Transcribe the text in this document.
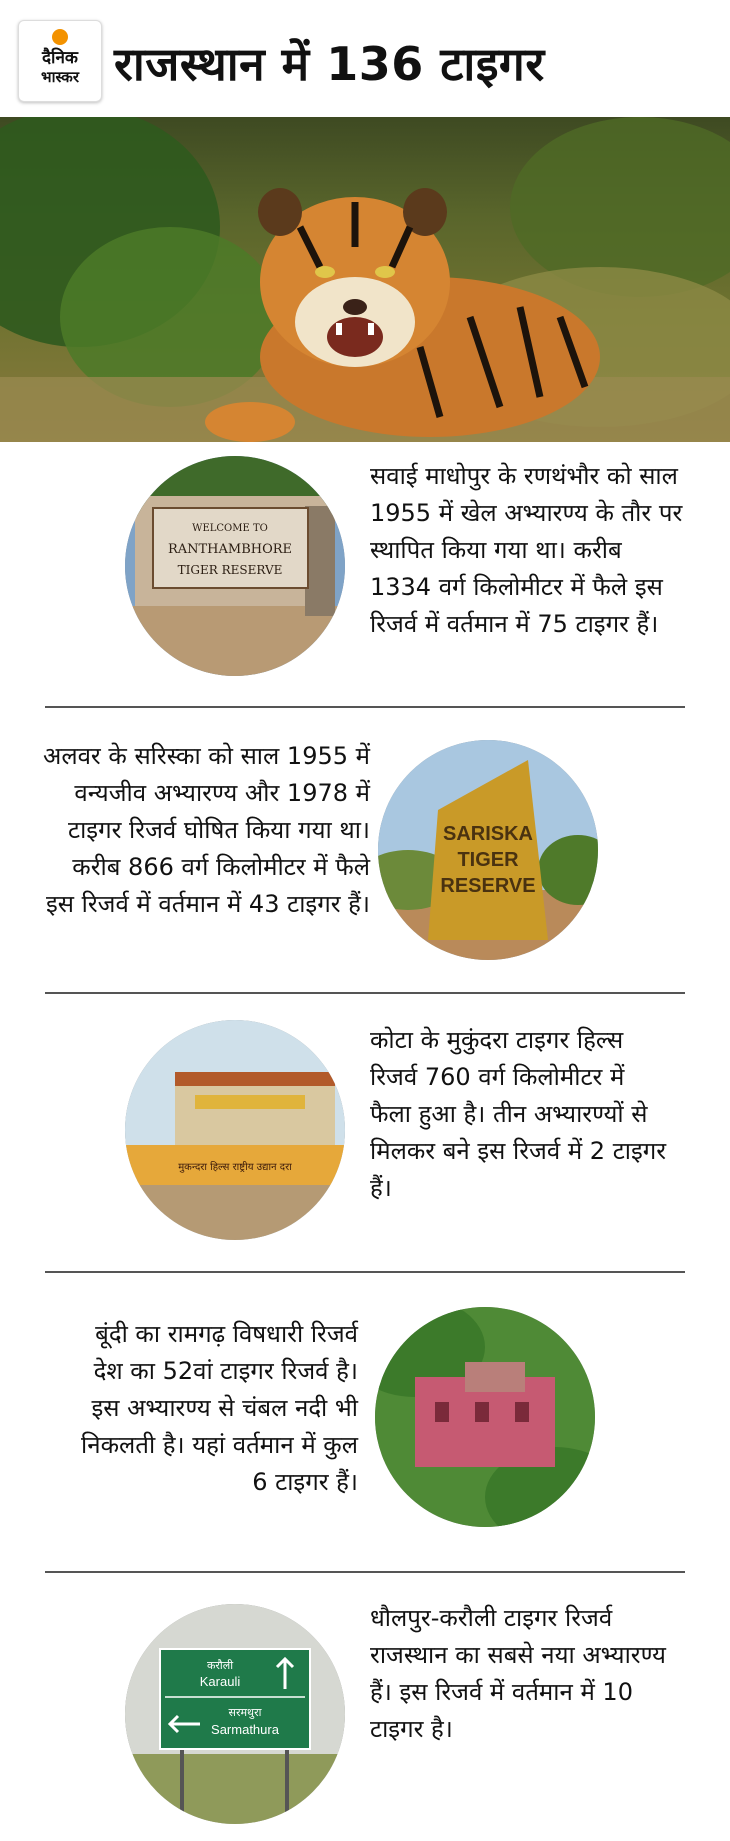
दैनिक
भास्कर राजस्थान में 136 टाइगर
WELCOME TO
RANTHAMBHORE
TIGER RESERVE
सवाई माधोपुर के रणथंभौर को साल 1955 में खेल अभ्यारण्य के तौर पर स्थापित किया गया था। करीब 1334 वर्ग किलोमीटर में फैले इस रिजर्व में वर्तमान में 75 टाइगर हैं।
अलवर के सरिस्का को साल 1955 में वन्यजीव अभ्यारण्य और 1978 में टाइगर रिजर्व घोषित किया गया था। करीब 866 वर्ग किलोमीटर में फैले इस रिजर्व में वर्तमान में 43 टाइगर हैं।
SARISKA
TIGER
RESERVE
मुकन्दरा हिल्स राष्ट्रीय उद्यान दरा
कोटा के मुकुंदरा टाइगर हिल्स रिजर्व 760 वर्ग किलोमीटर में फैला हुआ है। तीन अभ्यारण्यों से मिलकर बने इस रिजर्व में 2 टाइगर हैं।
बूंदी का रामगढ़ विषधारी रिजर्व देश का 52वां टाइगर रिजर्व है। इस अभ्यारण्य से चंबल नदी भी निकलती है। यहां वर्तमान में कुल 6 टाइगर हैं।
करौली
Karauli
सरमथुरा
Sarmathura
धौलपुर-करौली टाइगर रिजर्व राजस्थान का सबसे नया अभ्यारण्य हैं। इस रिजर्व में वर्तमान में 10 टाइगर है।
